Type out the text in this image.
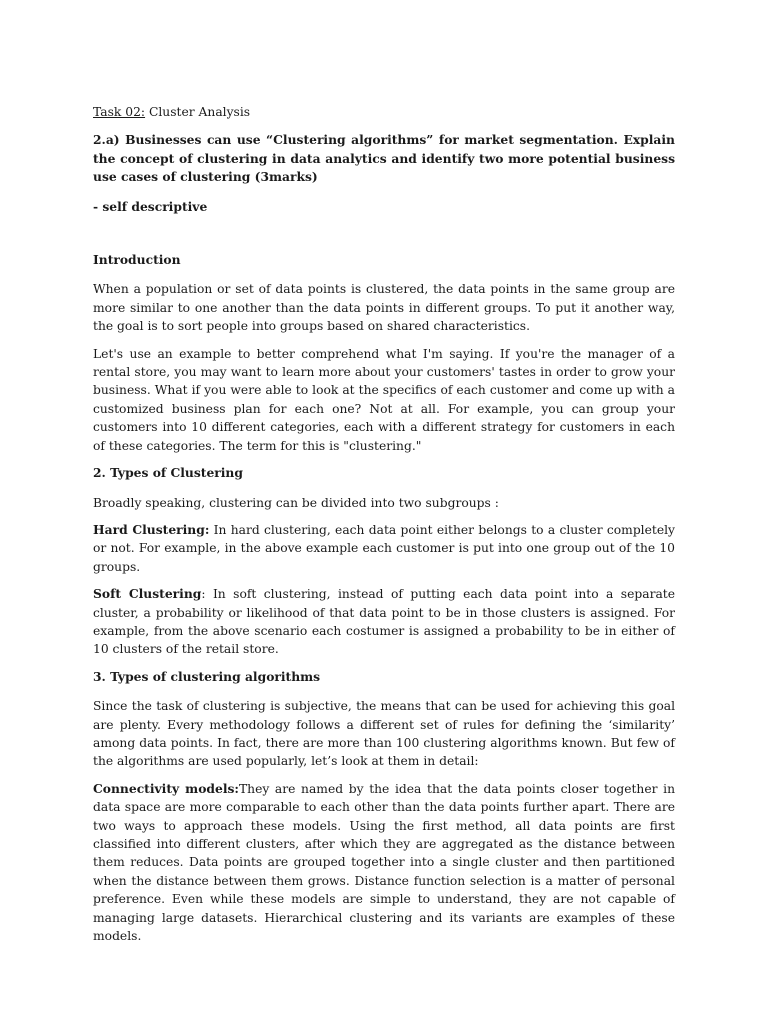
Task 02: Cluster Analysis

2.a) Businesses can use “Clustering algorithms” for market segmentation. Explain the concept of clustering in data analytics and identify two more potential business use cases of clustering (3marks)

- self descriptive

Introduction

When a population or set of data points is clustered, the data points in the same group are more similar to one another than the data points in different groups. To put it another way, the goal is to sort people into groups based on shared characteristics.

Let's use an example to better comprehend what I'm saying. If you're the manager of a rental store, you may want to learn more about your customers' tastes in order to grow your business. What if you were able to look at the specifics of each customer and come up with a customized business plan for each one? Not at all. For example, you can group your customers into 10 different categories, each with a different strategy for customers in each of these categories. The term for this is "clustering."

2. Types of Clustering

Broadly speaking, clustering can be divided into two subgroups :

Hard Clustering: In hard clustering, each data point either belongs to a cluster completely or not. For example, in the above example each customer is put into one group out of the 10 groups.

Soft Clustering: In soft clustering, instead of putting each data point into a separate cluster, a probability or likelihood of that data point to be in those clusters is assigned. For example, from the above scenario each costumer is assigned a probability to be in either of 10 clusters of the retail store.

3. Types of clustering algorithms

Since the task of clustering is subjective, the means that can be used for achieving this goal are plenty. Every methodology follows a different set of rules for defining the ‘similarity’ among data points. In fact, there are more than 100 clustering algorithms known. But few of the algorithms are used popularly, let’s look at them in detail:

Connectivity models:They are named by the idea that the data points closer together in data space are more comparable to each other than the data points further apart. There are two ways to approach these models. Using the first method, all data points are first classified into different clusters, after which they are aggregated as the distance between them reduces. Data points are grouped together into a single cluster and then partitioned when the distance between them grows. Distance function selection is a matter of personal preference. Even while these models are simple to understand, they are not capable of managing large datasets. Hierarchical clustering and its variants are examples of these models.
